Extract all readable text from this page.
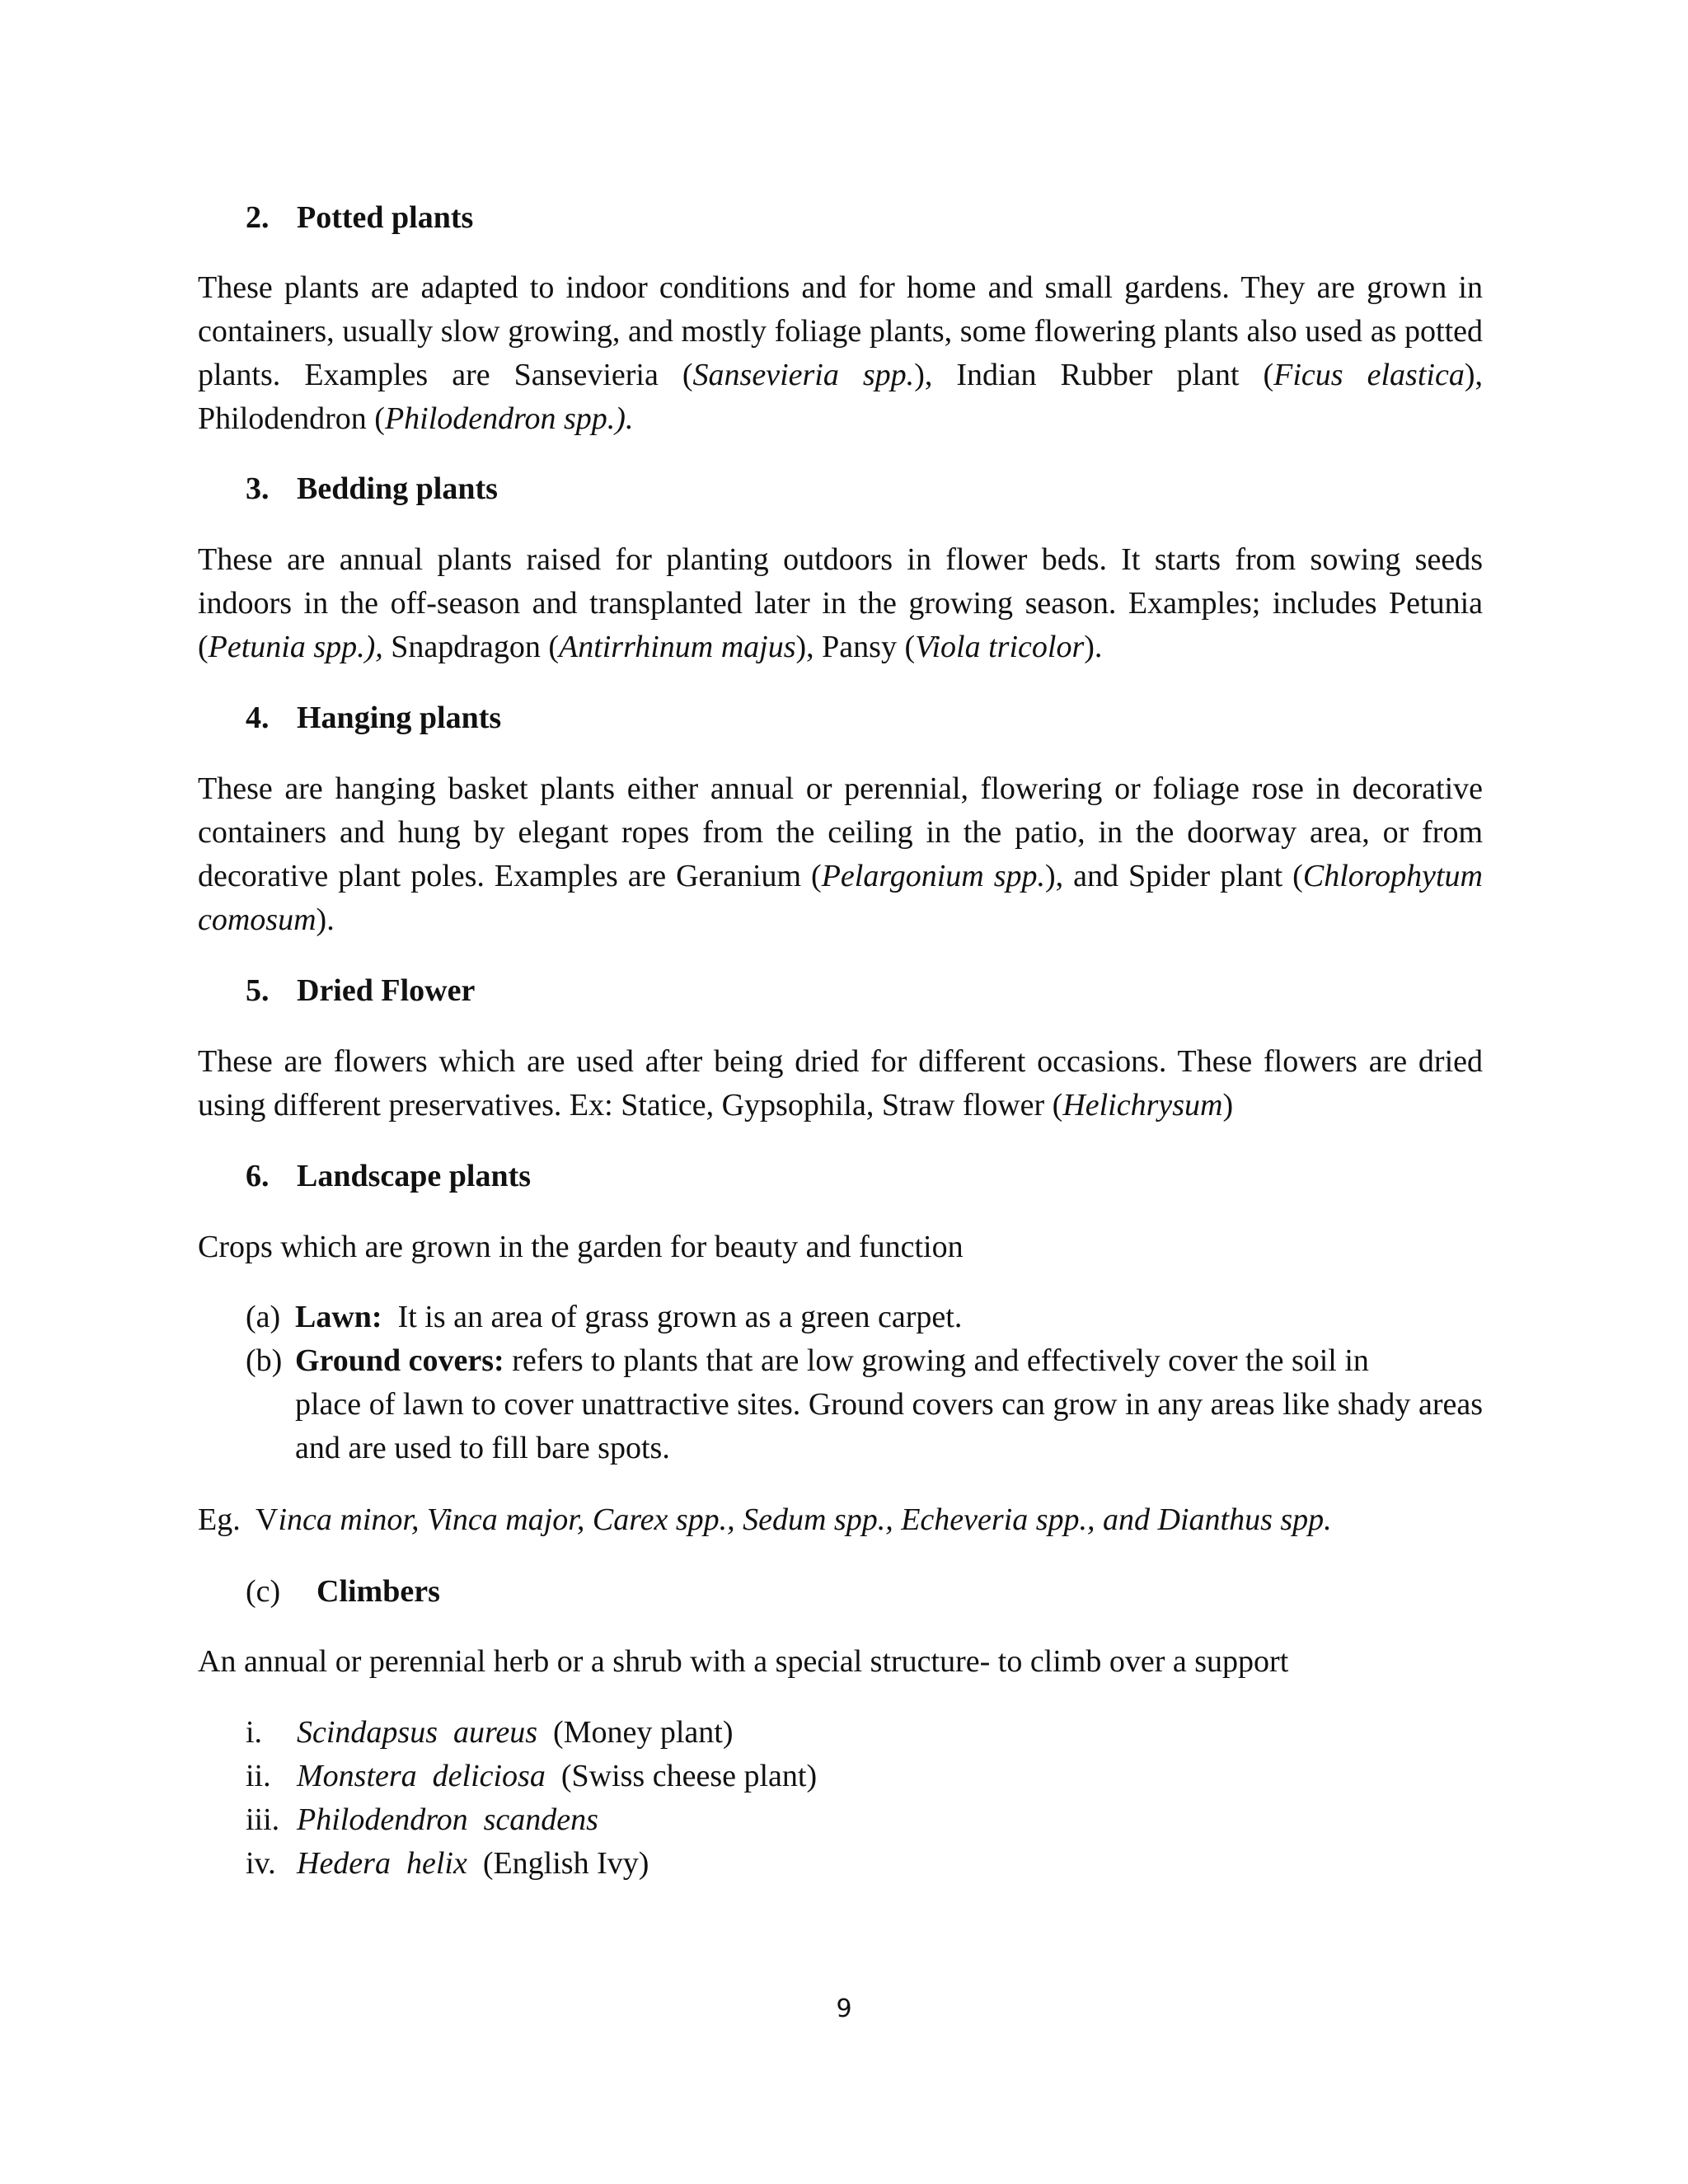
2. Potted plants

These plants are adapted to indoor conditions and for home and small gardens. They are grown in containers, usually slow growing, and mostly foliage plants, some flowering plants also used as potted plants. Examples are Sansevieria (Sansevieria spp.), Indian Rubber plant (Ficus elastica), Philodendron (Philodendron spp.).

3. Bedding plants

These are annual plants raised for planting outdoors in flower beds. It starts from sowing seeds indoors in the off-season and transplanted later in the growing season. Examples; includes Petunia (Petunia spp.), Snapdragon (Antirrhinum majus), Pansy (Viola tricolor).

4. Hanging plants

These are hanging basket plants either annual or perennial, flowering or foliage rose in decorative containers and hung by elegant ropes from the ceiling in the patio, in the doorway area, or from decorative plant poles. Examples are Geranium (Pelargonium spp.), and Spider plant (Chlorophytum comosum).

5. Dried Flower

These are flowers which are used after being dried for different occasions. These flowers are dried using different preservatives. Ex: Statice, Gypsophila, Straw flower (Helichrysum)

6. Landscape plants

Crops which are grown in the garden for beauty and function

(a) Lawn:  It is an area of grass grown as a green carpet.
(b) Ground covers: refers to plants that are low growing and effectively cover the soil in
place of lawn to cover unattractive sites. Ground covers can grow in any areas like shady areas and are used to fill bare spots.

Eg.  Vinca minor, Vinca major, Carex spp., Sedum spp., Echeveria spp., and Dianthus spp.

(c) Climbers

An annual or perennial herb or a shrub with a special structure- to climb over a support

i. Scindapsus  aureus  (Money plant)
ii. Monstera  deliciosa  (Swiss cheese plant)
iii. Philodendron  scandens
iv. Hedera  helix  (English Ivy)
9
